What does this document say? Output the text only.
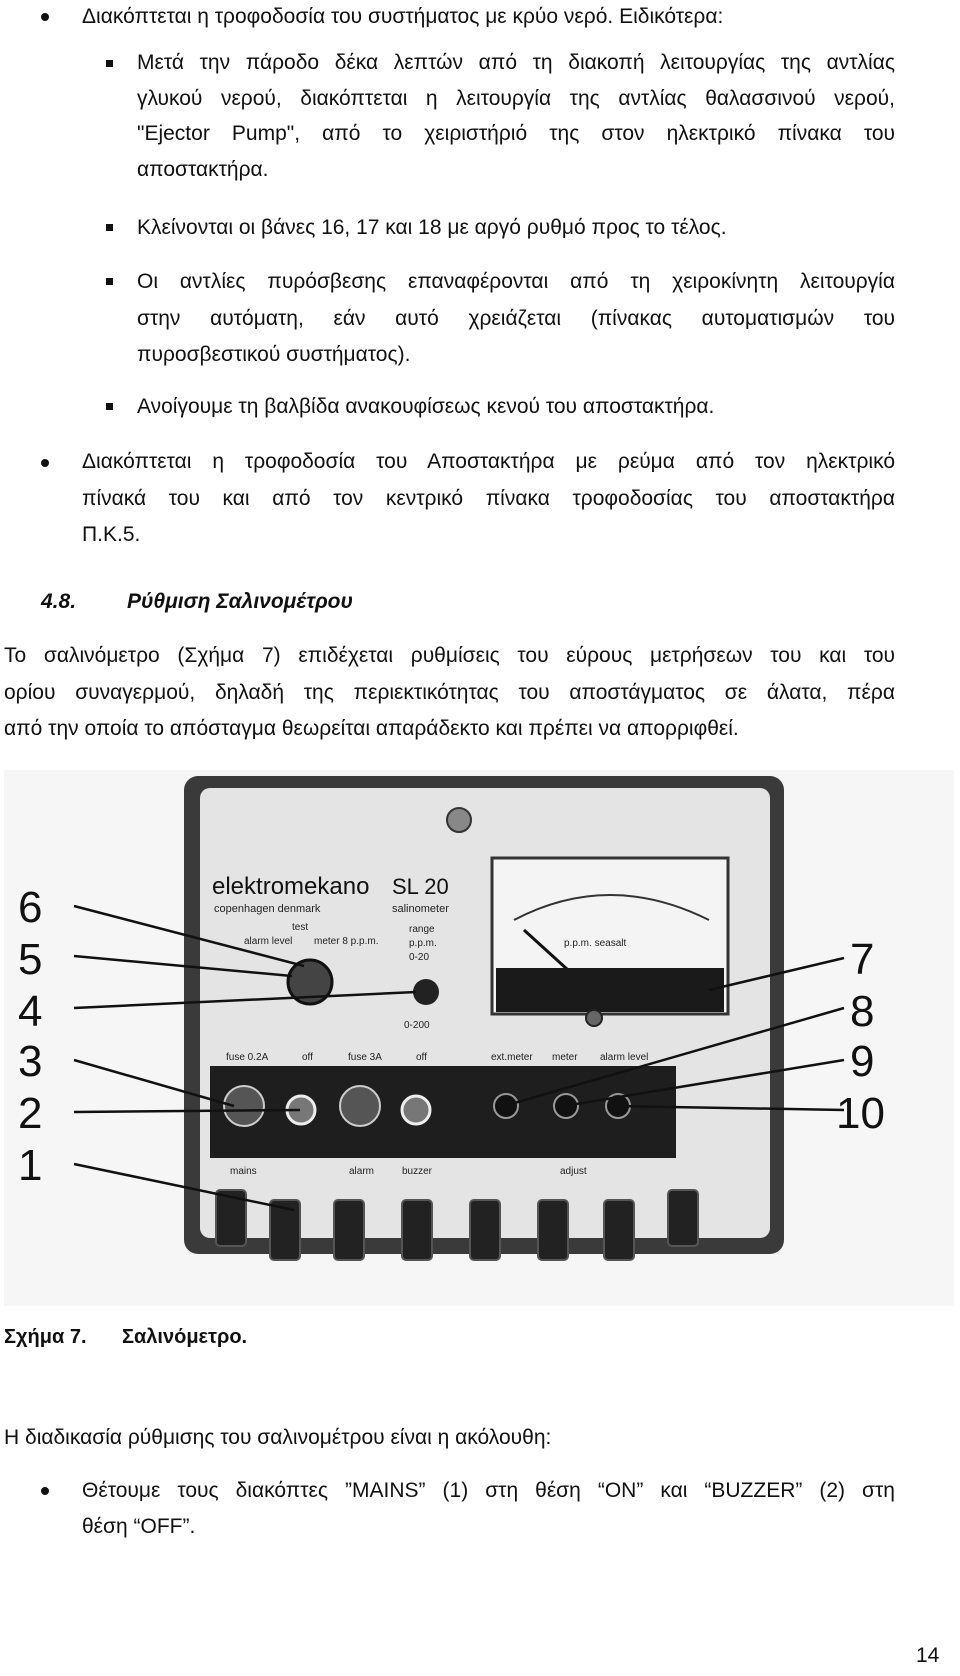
Διακόπτεται η τροφοδοσία του συστήματος με κρύο νερό. Ειδικότερα:
Μετά την πάροδο δέκα λεπτών από τη διακοπή λειτουργίας της αντλίας
γλυκού νερού, διακόπτεται η λειτουργία της αντλίας θαλασσινού νερού,
"Ejector Pump", από το χειριστήριό της στον ηλεκτρικό πίνακα του
αποστακτήρα.
Κλείνονται οι βάνες 16, 17 και 18 με αργό ρυθμό προς το τέλος.
Οι αντλίες πυρόσβεσης επαναφέρονται από τη χειροκίνητη λειτουργία
στην αυτόματη, εάν αυτό χρειάζεται (πίνακας αυτοματισμών του
πυροσβεστικού συστήματος).
Ανοίγουμε τη βαλβίδα ανακουφίσεως κενού του αποστακτήρα.
Διακόπτεται η τροφοδοσία του Αποστακτήρα με ρεύμα από τον ηλεκτρικό
πίνακά του και από τον κεντρικό πίνακα τροφοδοσίας του αποστακτήρα
Π.Κ.5.
4.8. Ρύθμιση Σαλινομέτρου
Το σαλινόμετρο (Σχήμα 7) επιδέχεται ρυθμίσεις του εύρους μετρήσεων του και του
ορίου συναγερμού, δηλαδή της περιεκτικότητας του αποστάγματος σε άλατα, πέρα
από την οποία το απόσταγμα θεωρείται απαράδεκτο και πρέπει να απορριφθεί.
elektromekano
copenhagen denmark
SL 20
salinometer
p.p.m. seasalt
test
alarm level meter 8 p.p.m.
range
p.p.m.
0-20
0-200
fuse 0.2A	off	fuse 3A	off	ext.meter meter alarm level
mains	alarm	buzzer	adjust
6
5
4
3
2
1
7
8
9
10
Σχήμα 7. Σαλινόμετρο.
Η διαδικασία ρύθμισης του σαλινομέτρου είναι η ακόλουθη:
Θέτουμε τους διακόπτες ”MAINS” (1) στη θέση “ON” και “BUZZER” (2) στη
θέση “OFF”.
14
